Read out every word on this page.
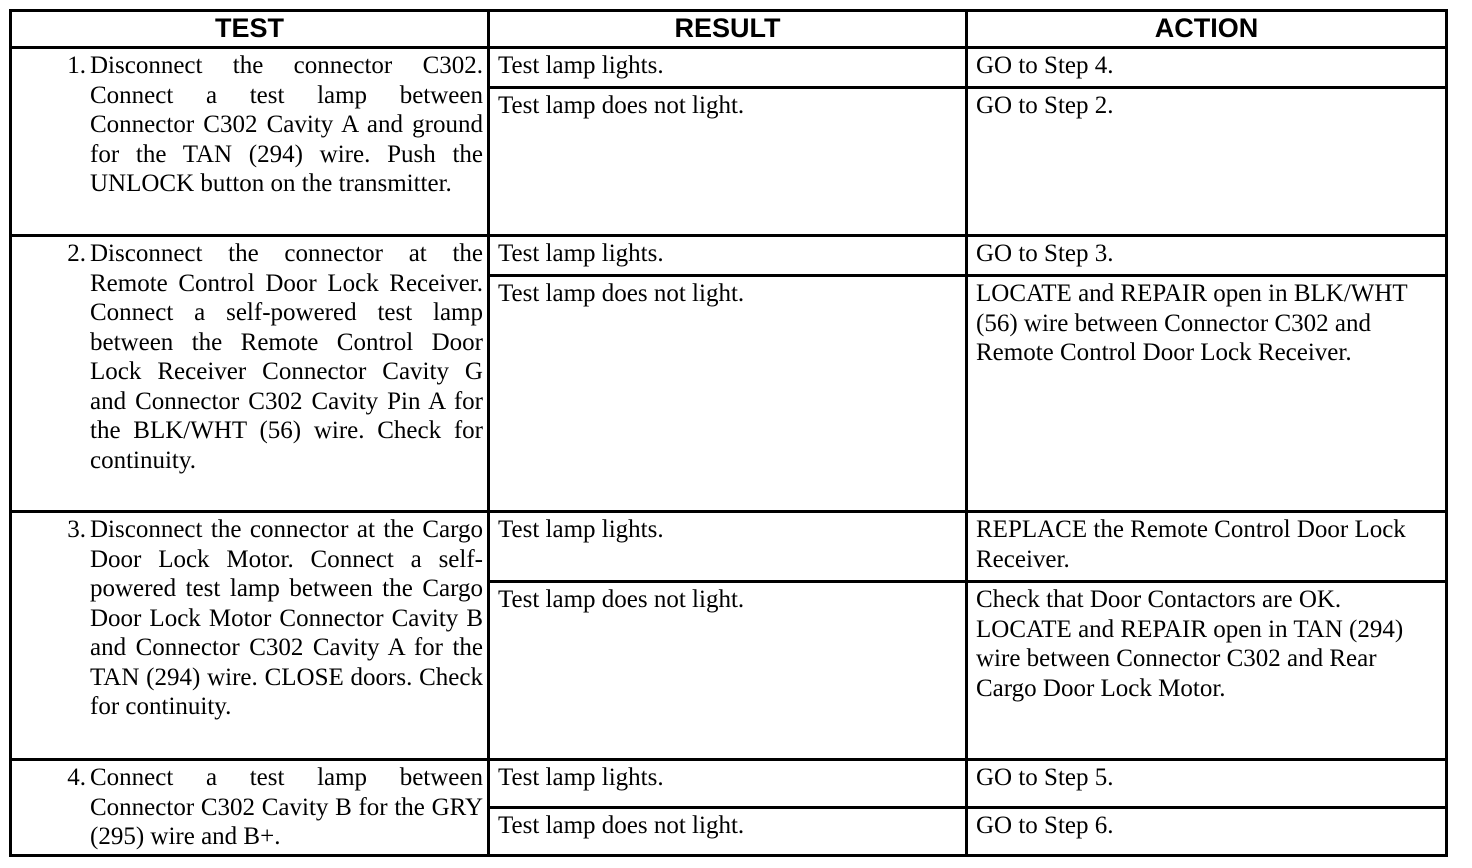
TEST	RESULT	ACTION

1. Disconnect the connector C302. Connect a test lamp between Connector C302 Cavity A and ground for the TAN (294) wire. Push the UNLOCK button on the transmitter.	Test lamp lights.	GO to Step 4.
	Test lamp does not light.	GO to Step 2.

2. Disconnect the connector at the Remote Control Door Lock Receiver. Connect a self-powered test lamp between the Remote Control Door Lock Receiver Connector Cavity G and Connector C302 Cavity Pin A for the BLK/WHT (56) wire. Check for continuity.	Test lamp lights.	GO to Step 3.
	Test lamp does not light.	LOCATE and REPAIR open in BLK/WHT (56) wire between Connector C302 and Remote Control Door Lock Receiver.

3. Disconnect the connector at the Cargo Door Lock Motor. Connect a self-powered test lamp between the Cargo Door Lock Motor Connector Cavity B and Connector C302 Cavity A for the TAN (294) wire. CLOSE doors. Check for continuity.	Test lamp lights.	REPLACE the Remote Control Door Lock Receiver.
	Test lamp does not light.	Check that Door Contactors are OK. LOCATE and REPAIR open in TAN (294) wire between Connector C302 and Rear Cargo Door Lock Motor.

4. Connect a test lamp between Connector C302 Cavity B for the GRY (295) wire and B+.	Test lamp lights.	GO to Step 5.
	Test lamp does not light.	GO to Step 6.
